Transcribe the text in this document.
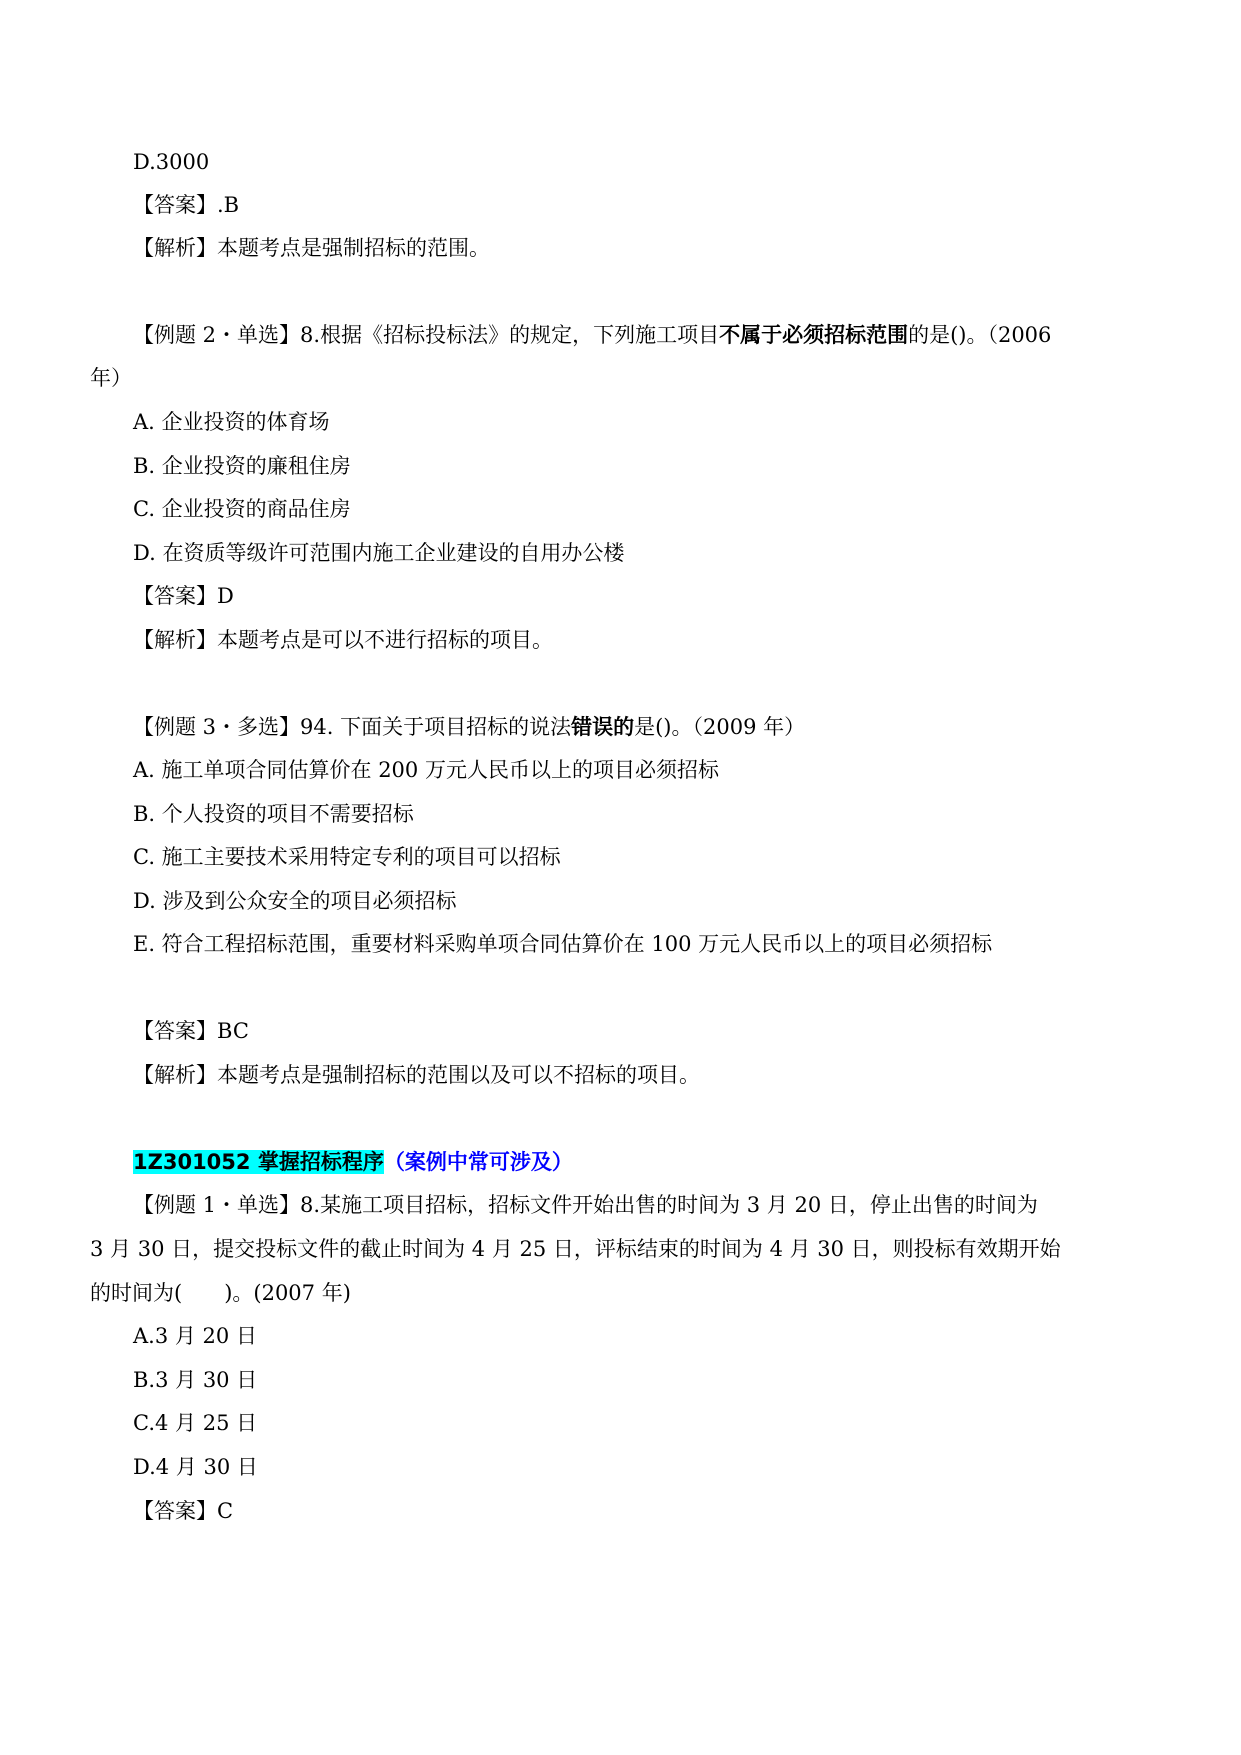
D.3000
【答案】.B
【解析】本题考点是强制招标的范围。
【例题 2・单选】8.根据《招标投标法》的规定，下列施工项目不属于必须招标范围的是()。（2006
年）
A. 企业投资的体育场
B. 企业投资的廉租住房
C. 企业投资的商品住房
D. 在资质等级许可范围内施工企业建设的自用办公楼
【答案】D
【解析】本题考点是可以不进行招标的项目。
【例题 3・多选】94. 下面关于项目招标的说法错误的是()。（2009 年）
A. 施工单项合同估算价在 200 万元人民币以上的项目必须招标
B. 个人投资的项目不需要招标
C. 施工主要技术采用特定专利的项目可以招标
D. 涉及到公众安全的项目必须招标
E. 符合工程招标范围，重要材料采购单项合同估算价在 100 万元人民币以上的项目必须招标
【答案】BC
【解析】本题考点是强制招标的范围以及可以不招标的项目。
1Z301052 掌握招标程序（案例中常可涉及）
【例题 1・单选】8.某施工项目招标，招标文件开始出售的时间为 3 月 20 日，停止出售的时间为
3 月 30 日，提交投标文件的截止时间为 4 月 25 日，评标结束的时间为 4 月 30 日，则投标有效期开始
的时间为(　　)。(2007 年)
A.3 月 20 日
B.3 月 30 日
C.4 月 25 日
D.4 月 30 日
【答案】C
